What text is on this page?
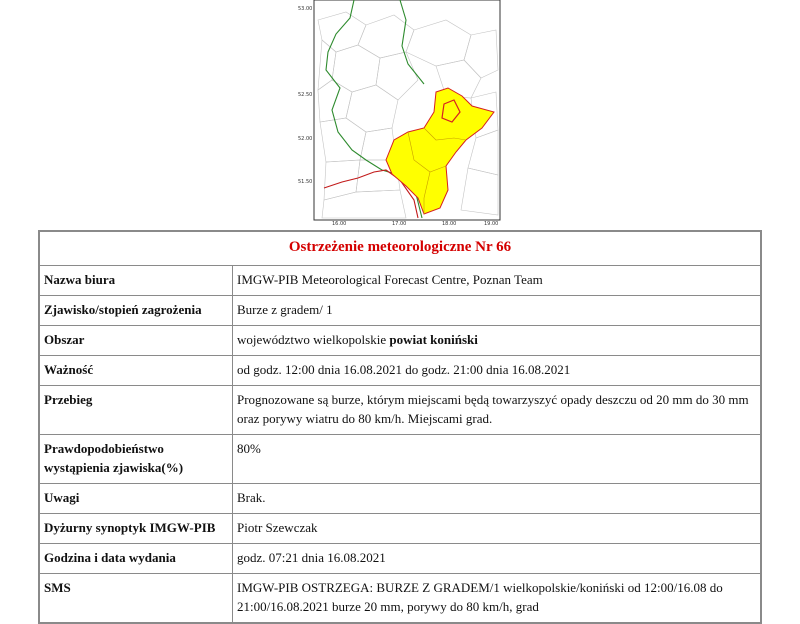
53.00
52.50
52.00
51.50
16.00	17.00	18.00	19.00
Ostrzeżenie meteorologiczne Nr 66	
Nazwa biura	IMGW-PIB Meteorological Forecast Centre, Poznan Team
Zjawisko/stopień zagrożenia	Burze z gradem/ 1
Obszar	województwo wielkopolskie powiat koniński
Ważność	od godz. 12:00 dnia 16.08.2021 do godz. 21:00 dnia 16.08.2021
Przebieg	Prognozowane są burze, którym miejscami będą towarzyszyć opady deszczu od 20 mm do 30 mm oraz porywy wiatru do 80 km/h. Miejscami grad.
Prawdopodobieństwo wystąpienia zjawiska(%)	80%
Uwagi	Brak.
Dyżurny synoptyk IMGW-PIB	Piotr Szewczak
Godzina i data wydania	godz. 07:21 dnia 16.08.2021
SMS	IMGW-PIB OSTRZEGA: BURZE Z GRADEM/1 wielkopolskie/koniński od 12:00/16.08 do 21:00/16.08.2021 burze 20 mm, porywy do 80 km/h, grad
